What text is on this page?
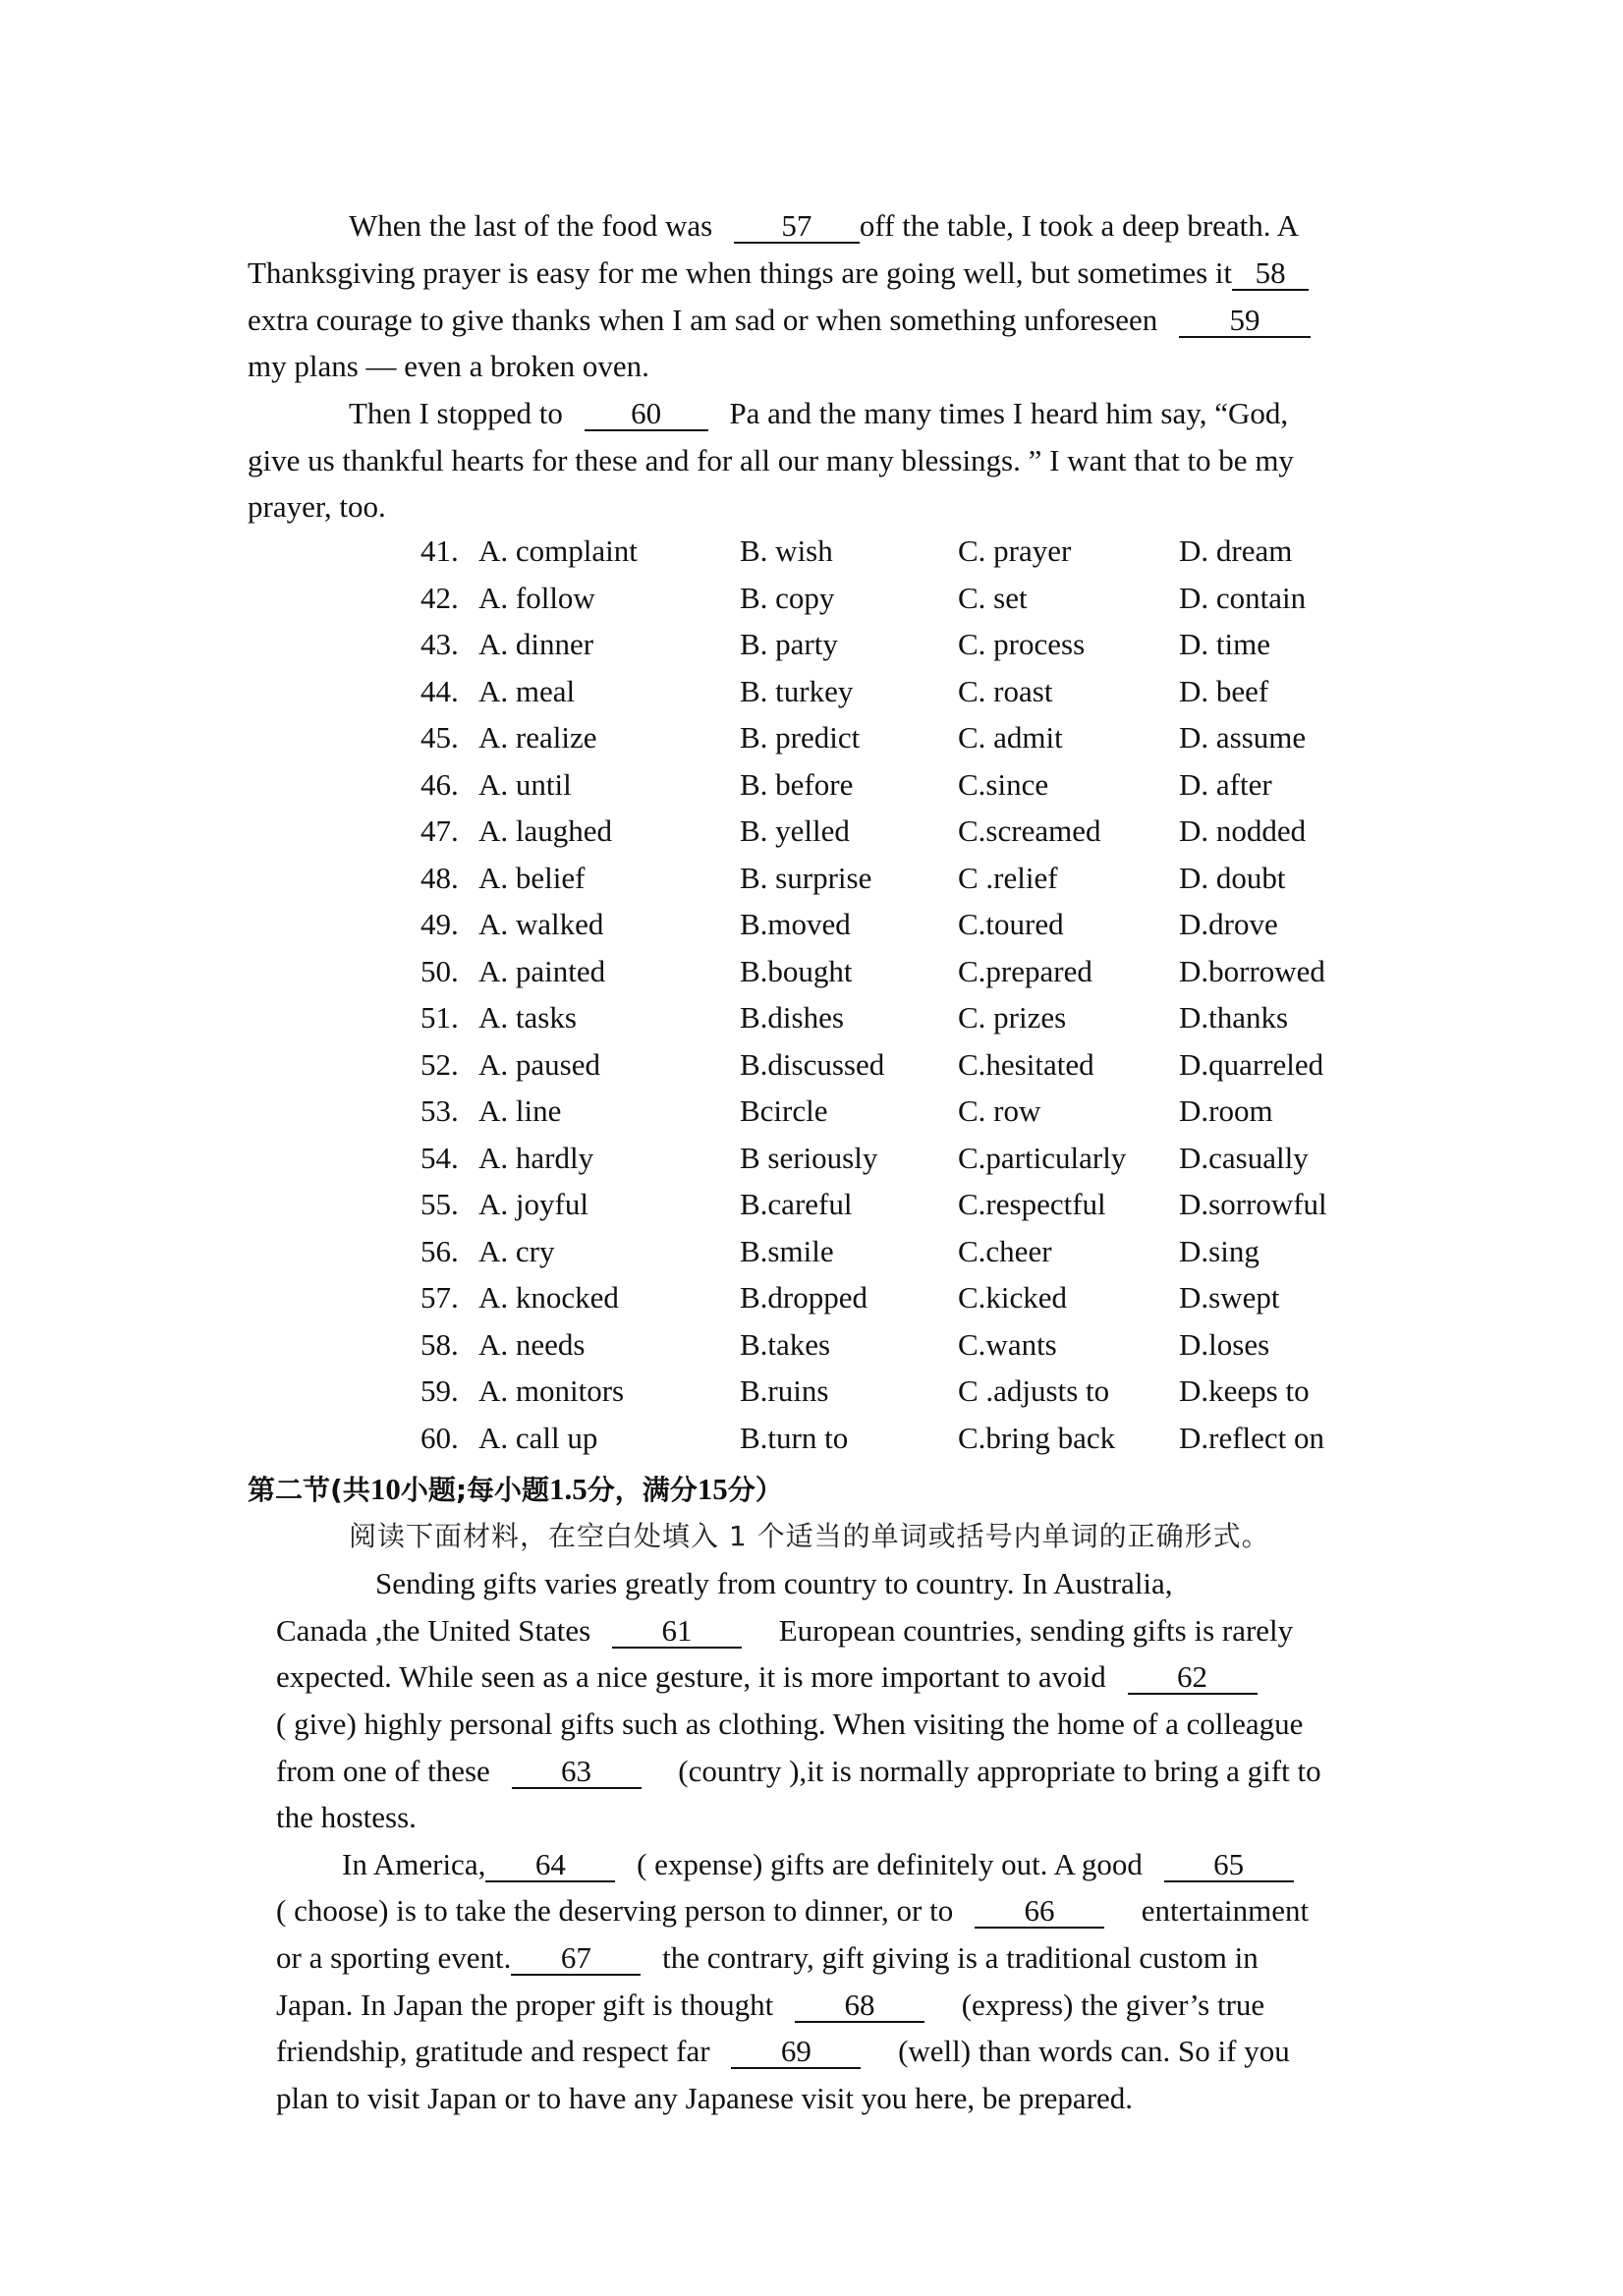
When the last of the food was 57 off the table, I took a deep breath. A
Thanksgiving prayer is easy for me when things are going well, but sometimes it 58
extra courage to give thanks when I am sad or when something unforeseen 59
my plans — even a broken oven.
Then I stopped to 60 Pa and the many times I heard him say, “God,
give us thankful hearts for these and for all our many blessings. ” I want that to be my
prayer, too.
41. A. complaint	B. wish	C. prayer	D. dream
42. A. follow	B. copy	C. set	D. contain
43. A. dinner	B. party	C. process	D. time
44. A. meal	B. turkey	C. roast	D. beef
45. A. realize	B. predict	C. admit	D. assume
46. A. until	B. before	C.since	D. after
47. A. laughed	B. yelled	C.screamed	D. nodded
48. A. belief	B. surprise	C .relief	D. doubt
49. A. walked	B.moved	C.toured	D.drove
50. A. painted	B.bought	C.prepared	D.borrowed
51. A. tasks	B.dishes	C. prizes	D.thanks
52. A. paused	B.discussed C.hesitated	D.quarreled
53. A. line	Bcircle	C. row	D.room
54. A. hardly	B seriously	C.particularly D.casually
55. A. joyful	B.careful	C.respectful D.sorrowful
56. A. cry	B.smile	C.cheer	D.sing
57. A. knocked	B.dropped	C.kicked	D.swept
58. A. needs	B.takes	C.wants	D.loses
59. A. monitors	B.ruins	C .adjusts to D.keeps to
60. A. call up	B.turn to	C.bring back D.reflect on
第二节(共10小题;每小题1.5分，满分15分）
阅读下面材料，在空白处填入 1 个适当的单词或括号内单词的正确形式。
Sending gifts varies greatly from country to country. In Australia,
Canada ,the United States 61	European countries, sending gifts is rarely
expected. While seen as a nice gesture, it is more important to avoid 62
( give) highly personal gifts such as clothing. When visiting the home of a colleague
from one of these 63	(country ),it is normally appropriate to bring a gift to
the hostess.
In America, 64 ( expense) gifts are definitely out. A good 65
( choose) is to take the deserving person to dinner, or to 66	entertainment
or a sporting event. 67 the contrary, gift giving is a traditional custom in
Japan. In Japan the proper gift is thought 68	(express) the giver’s true
friendship, gratitude and respect far 69	(well) than words can. So if you
plan to visit Japan or to have any Japanese visit you here, be prepared.
